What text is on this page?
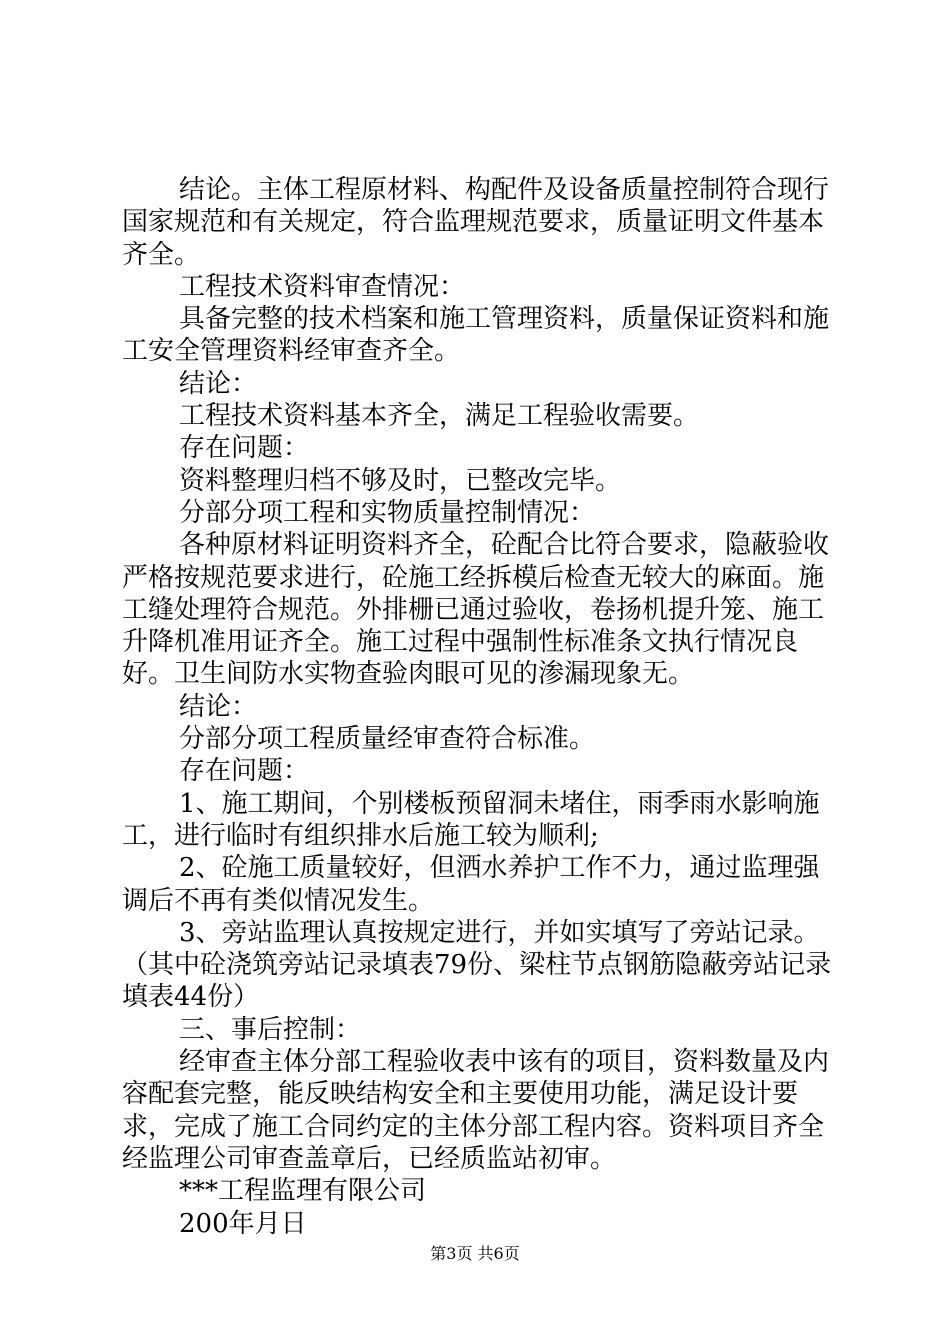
结论。主体工程原材料、构配件及设备质量控制符合现行国家规范和有关规定，符合监理规范要求，质量证明文件基本齐全。

工程技术资料审查情况：

具备完整的技术档案和施工管理资料，质量保证资料和施工安全管理资料经审查齐全。

结论：

工程技术资料基本齐全，满足工程验收需要。

存在问题：

资料整理归档不够及时，已整改完毕。

分部分项工程和实物质量控制情况：

各种原材料证明资料齐全，砼配合比符合要求，隐蔽验收严格按规范要求进行，砼施工经拆模后检查无较大的麻面。施工缝处理符合规范。外排栅已通过验收，卷扬机提升笼、施工升降机准用证齐全。施工过程中强制性标准条文执行情况良好。卫生间防水实物查验肉眼可见的渗漏现象无。

结论：

分部分项工程质量经审查符合标准。

存在问题：

1、施工期间，个别楼板预留洞未堵住，雨季雨水影响施工，进行临时有组织排水后施工较为顺利;

2、砼施工质量较好，但洒水养护工作不力，通过监理强调后不再有类似情况发生。

3、旁站监理认真按规定进行，并如实填写了旁站记录。（其中砼浇筑旁站记录填表79份、梁柱节点钢筋隐蔽旁站记录填表44份）

三、事后控制：

经审查主体分部工程验收表中该有的项目，资料数量及内容配套完整，能反映结构安全和主要使用功能，满足设计要求，完成了施工合同约定的主体分部工程内容。资料项目齐全经监理公司审查盖章后，已经质监站初审。

***工程监理有限公司

200年月日

第3页 共6页
